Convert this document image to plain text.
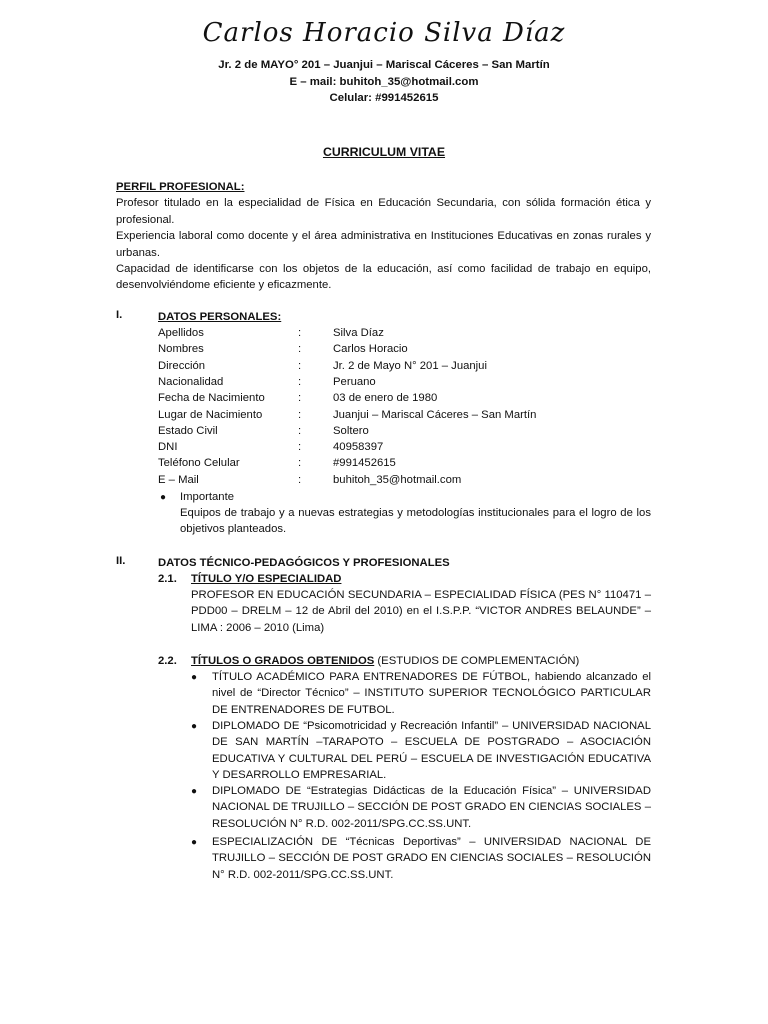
Carlos Horacio Silva Díaz
Jr. 2 de MAYO° 201 – Juanjui – Mariscal Cáceres – San Martín
E – mail: buhitoh_35@hotmail.com
Celular: #991452615
CURRICULUM VITAE
PERFIL PROFESIONAL:
Profesor titulado en la especialidad de Física en Educación Secundaria, con sólida formación ética y profesional.
Experiencia laboral como docente y el área administrativa en Instituciones Educativas en zonas rurales y urbanas.
Capacidad de identificarse con los objetos de la educación, así como facilidad de trabajo en equipo, desenvolviéndome eficiente y eficazmente.
I.	DATOS PERSONALES:
Apellidos	:	Silva Díaz
Nombres	:	Carlos Horacio
Dirección	:	Jr. 2 de Mayo N° 201 – Juanjui
Nacionalidad	:	Peruano
Fecha de Nacimiento	:	03 de enero de 1980
Lugar de Nacimiento	:	Juanjui – Mariscal Cáceres – San Martín
Estado Civil	:	Soltero
DNI	:	40958397
Teléfono Celular	:	#991452615
E – Mail	:	buhitoh_35@hotmail.com
● Importante
Equipos de trabajo y a nuevas estrategias y metodologías institucionales para el logro de los objetivos planteados.
II.	DATOS TÉCNICO-PEDAGÓGICOS Y PROFESIONALES
2.1. TÍTULO Y/O ESPECIALIDAD
PROFESOR EN EDUCACIÓN SECUNDARIA – ESPECIALIDAD FÍSICA (PES N° 110471 – PDD00 – DRELM – 12 de Abril del 2010) en el I.S.P.P. “VICTOR ANDRES BELAUNDE” – LIMA : 2006 – 2010 (Lima)
2.2. TÍTULOS O GRADOS OBTENIDOS (ESTUDIOS DE COMPLEMENTACIÓN)
● TÍTULO ACADÉMICO PARA ENTRENADORES DE FÚTBOL, habiendo alcanzado el nivel de “Director Técnico” – INSTITUTO SUPERIOR TECNOLÓGICO PARTICULAR DE ENTRENADORES DE FUTBOL.
● DIPLOMADO DE “Psicomotricidad y Recreación Infantil” – UNIVERSIDAD NACIONAL DE SAN MARTÍN –TARAPOTO – ESCUELA DE POSTGRADO – ASOCIACIÓN EDUCATIVA Y CULTURAL DEL PERÚ – ESCUELA DE INVESTIGACIÓN EDUCATIVA Y DESARROLLO EMPRESARIAL.
● DIPLOMADO DE “Estrategias Didácticas de la Educación Física” – UNIVERSIDAD NACIONAL DE TRUJILLO – SECCIÓN DE POST GRADO EN CIENCIAS SOCIALES – RESOLUCIÓN N° R.D. 002-2011/SPG.CC.SS.UNT.
● ESPECIALIZACIÓN DE “Técnicas Deportivas” – UNIVERSIDAD NACIONAL DE TRUJILLO – SECCIÓN DE POST GRADO EN CIENCIAS SOCIALES – RESOLUCIÓN N° R.D. 002-2011/SPG.CC.SS.UNT.
